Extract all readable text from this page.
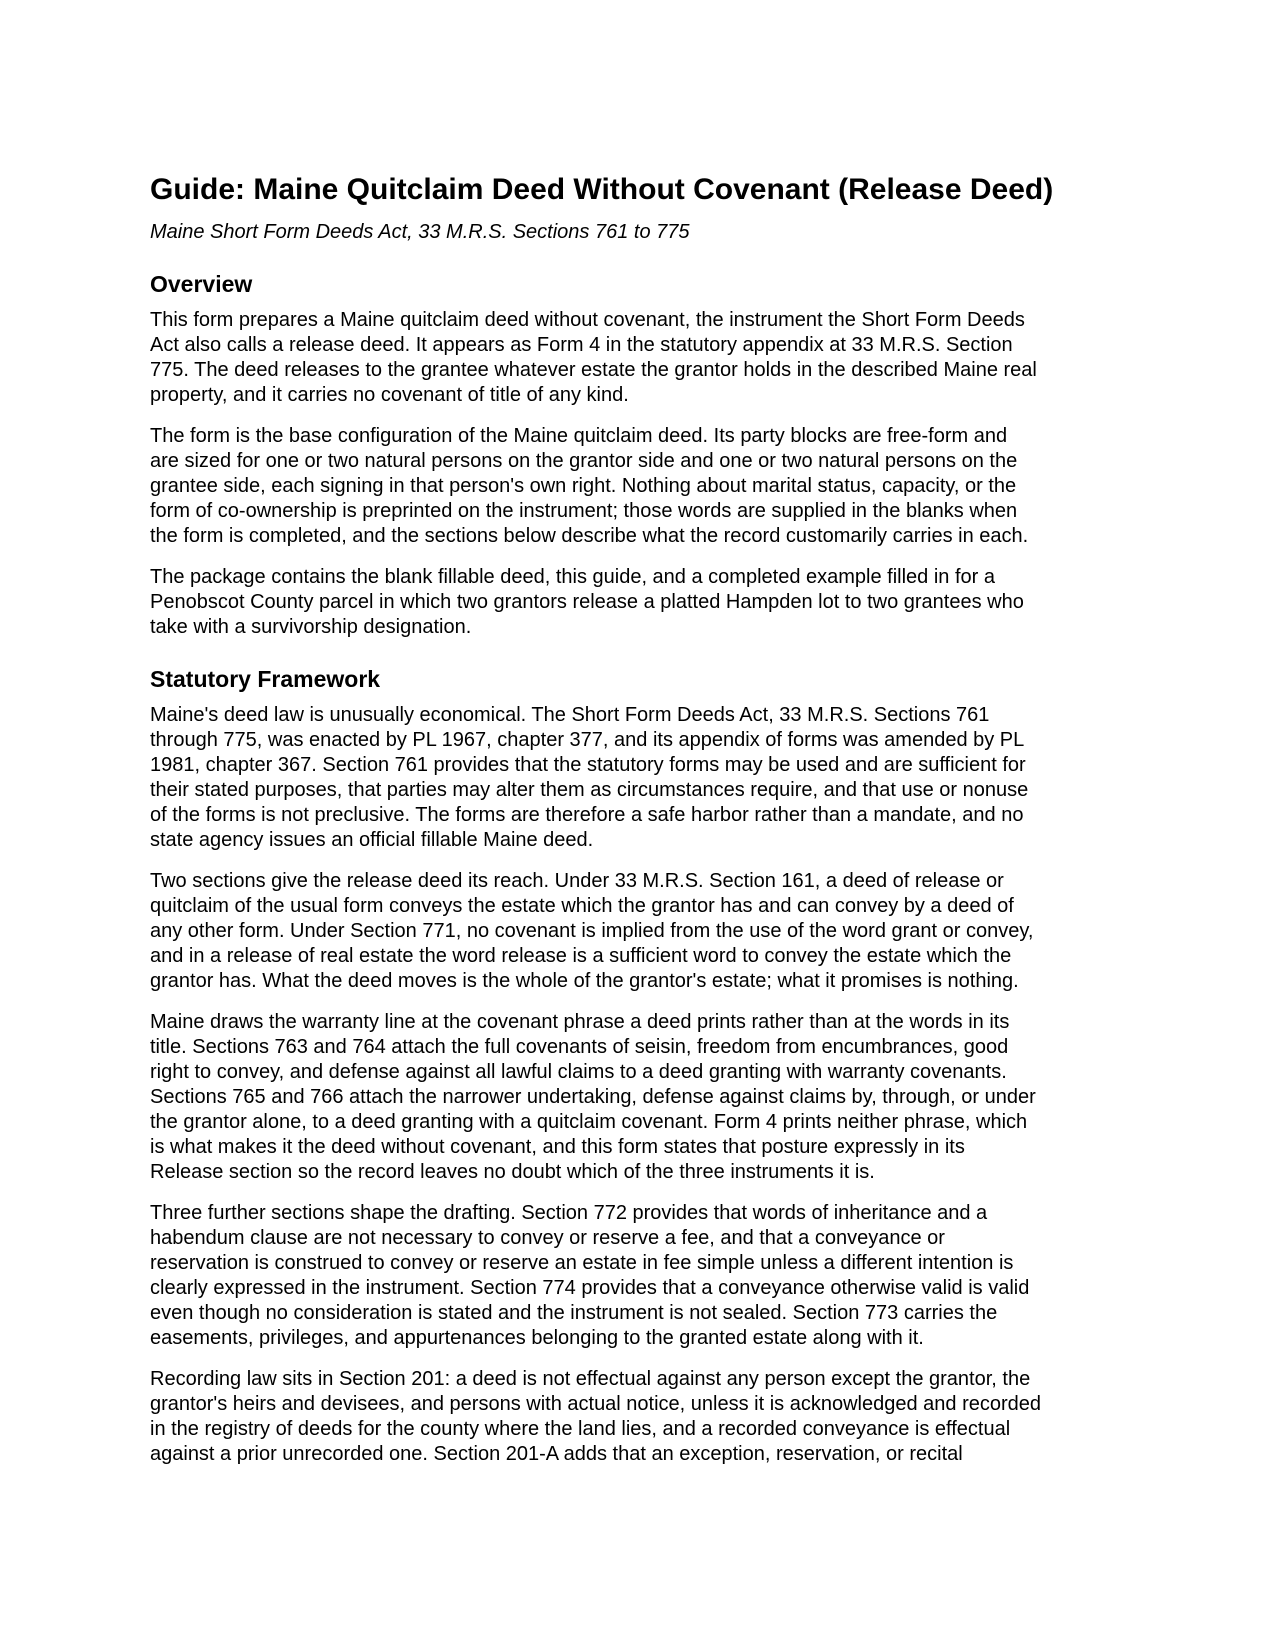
Guide: Maine Quitclaim Deed Without Covenant (Release Deed)
Maine Short Form Deeds Act, 33 M.R.S. Sections 761 to 775
Overview

This form prepares a Maine quitclaim deed without covenant, the instrument the Short Form Deeds
Act also calls a release deed. It appears as Form 4 in the statutory appendix at 33 M.R.S. Section
775. The deed releases to the grantee whatever estate the grantor holds in the described Maine real
property, and it carries no covenant of title of any kind.

The form is the base configuration of the Maine quitclaim deed. Its party blocks are free-form and
are sized for one or two natural persons on the grantor side and one or two natural persons on the
grantee side, each signing in that person's own right. Nothing about marital status, capacity, or the
form of co-ownership is preprinted on the instrument; those words are supplied in the blanks when
the form is completed, and the sections below describe what the record customarily carries in each.

The package contains the blank fillable deed, this guide, and a completed example filled in for a
Penobscot County parcel in which two grantors release a platted Hampden lot to two grantees who
take with a survivorship designation.

Statutory Framework

Maine's deed law is unusually economical. The Short Form Deeds Act, 33 M.R.S. Sections 761
through 775, was enacted by PL 1967, chapter 377, and its appendix of forms was amended by PL
1981, chapter 367. Section 761 provides that the statutory forms may be used and are sufficient for
their stated purposes, that parties may alter them as circumstances require, and that use or nonuse
of the forms is not preclusive. The forms are therefore a safe harbor rather than a mandate, and no
state agency issues an official fillable Maine deed.

Two sections give the release deed its reach. Under 33 M.R.S. Section 161, a deed of release or
quitclaim of the usual form conveys the estate which the grantor has and can convey by a deed of
any other form. Under Section 771, no covenant is implied from the use of the word grant or convey,
and in a release of real estate the word release is a sufficient word to convey the estate which the
grantor has. What the deed moves is the whole of the grantor's estate; what it promises is nothing.

Maine draws the warranty line at the covenant phrase a deed prints rather than at the words in its
title. Sections 763 and 764 attach the full covenants of seisin, freedom from encumbrances, good
right to convey, and defense against all lawful claims to a deed granting with warranty covenants.
Sections 765 and 766 attach the narrower undertaking, defense against claims by, through, or under
the grantor alone, to a deed granting with a quitclaim covenant. Form 4 prints neither phrase, which
is what makes it the deed without covenant, and this form states that posture expressly in its
Release section so the record leaves no doubt which of the three instruments it is.

Three further sections shape the drafting. Section 772 provides that words of inheritance and a
habendum clause are not necessary to convey or reserve a fee, and that a conveyance or
reservation is construed to convey or reserve an estate in fee simple unless a different intention is
clearly expressed in the instrument. Section 774 provides that a conveyance otherwise valid is valid
even though no consideration is stated and the instrument is not sealed. Section 773 carries the
easements, privileges, and appurtenances belonging to the granted estate along with it.

Recording law sits in Section 201: a deed is not effectual against any person except the grantor, the
grantor's heirs and devisees, and persons with actual notice, unless it is acknowledged and recorded
in the registry of deeds for the county where the land lies, and a recorded conveyance is effectual
against a prior unrecorded one. Section 201-A adds that an exception, reservation, or recital
